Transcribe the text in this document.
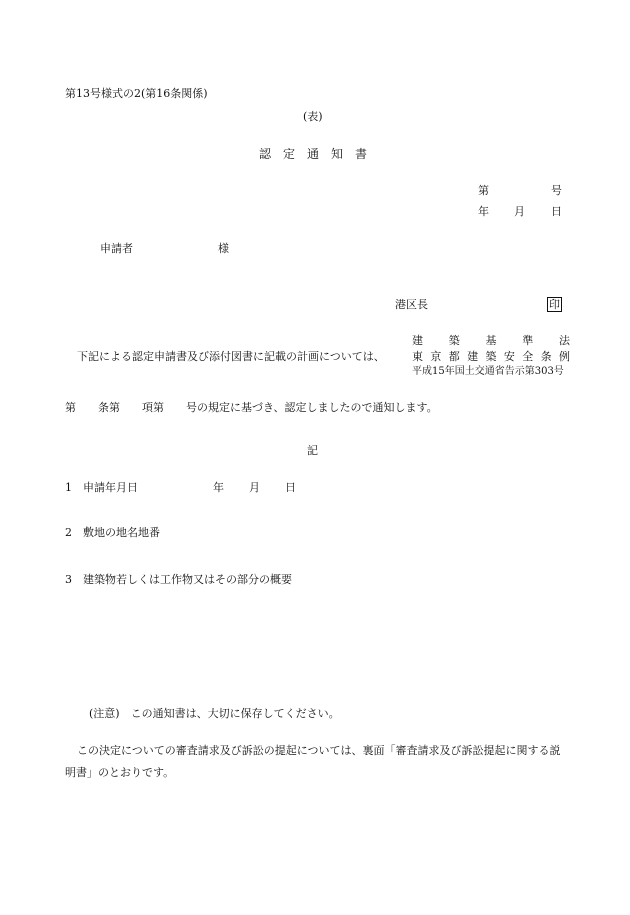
第13号様式の2(第16条関係)
(表)
認　定　通　知　書
第	号
年 月 日
申請者	様
港区長	印
建 築 基 準 法
下記による認定申請書及び添付図書に記載の計画については、 東 京 都 建 築 安 全 条 例
平成15年国土交通省告示第303号
第　　条第　　項第　　号の規定に基づき、認定しましたので通知します。
記
1　申請年月日	年 月 日
2　敷地の地名地番
3　建築物若しくは工作物又はその部分の概要
(注意)　この通知書は、大切に保存してください。
この決定についての審査請求及び訴訟の提起については、裏面「審査請求及び訴訟提起に関する説明書」のとおりです。
